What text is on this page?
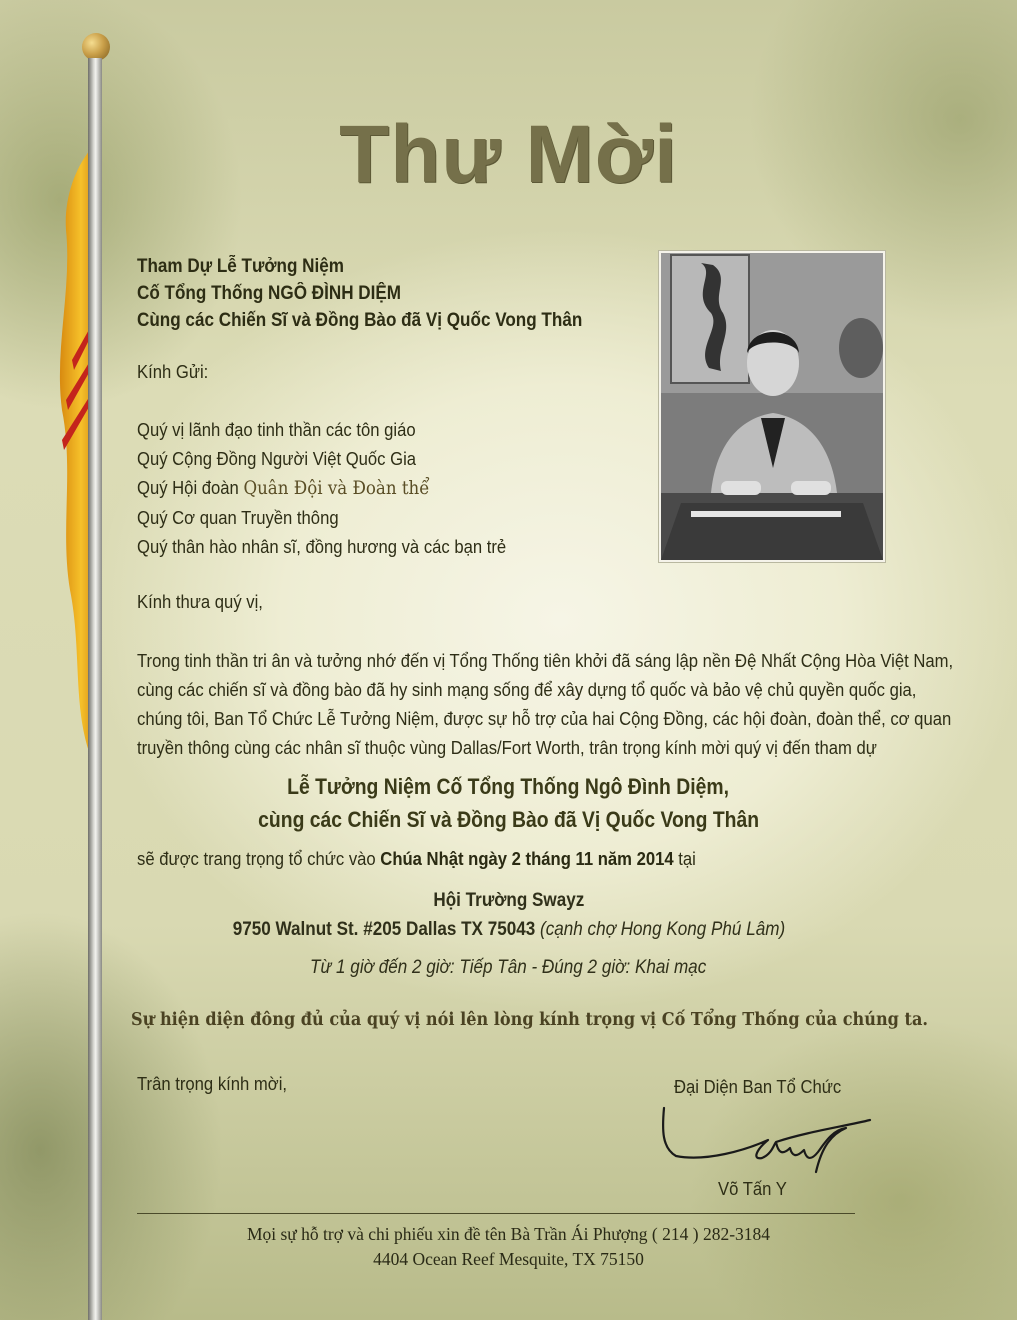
Thư Mời
Tham Dự Lễ Tưởng Niệm
Cố Tổng Thống NGÔ ĐÌNH DIỆM
Cùng các Chiến Sĩ và Đồng Bào đã Vị Quốc Vong Thân
Kính Gửi:
Quý vị lãnh đạo tinh thần các tôn giáo
Quý Cộng Đồng Người Việt Quốc Gia
Quý Hội đoàn Quân Đội và Đoàn thể
Quý Cơ quan Truyền thông
Quý thân hào nhân sĩ, đồng hương và các bạn trẻ
Kính thưa quý vị,
Trong tinh thần tri ân và tưởng nhớ đến vị Tổng Thống tiên khởi đã sáng lập nền Đệ Nhất Cộng Hòa Việt Nam,
cùng các chiến sĩ và đồng bào đã hy sinh mạng sống để xây dựng tổ quốc và bảo vệ chủ quyền quốc gia,
chúng tôi, Ban Tổ Chức Lễ Tưởng Niệm, được sự hỗ trợ của hai Cộng Đồng, các hội đoàn, đoàn thể, cơ quan
truyền thông cùng các nhân sĩ thuộc vùng Dallas/Fort Worth, trân trọng kính mời quý vị đến tham dự
Lễ Tưởng Niệm Cố Tổng Thống Ngô Đình Diệm,
cùng các Chiến Sĩ và Đồng Bào đã Vị Quốc Vong Thân
sẽ được trang trọng tổ chức vào Chúa Nhật ngày 2 tháng 11 năm 2014 tại
Hội Trường Swayz
9750 Walnut St. #205 Dallas TX 75043 (cạnh chợ Hong Kong Phú Lâm)
Từ 1 giờ đến 2 giờ: Tiếp Tân - Đúng 2 giờ: Khai mạc
Sự hiện diện đông đủ của quý vị nói lên lòng kính trọng vị Cố Tổng Thống của chúng ta.
Trân trọng kính mời,	Đại Diện Ban Tổ Chức
Võ Tấn Y
Mọi sự hỗ trợ và chi phiếu xin đề tên Bà Trần Ái Phượng ( 214 ) 282-3184
4404 Ocean Reef Mesquite, TX 75150
